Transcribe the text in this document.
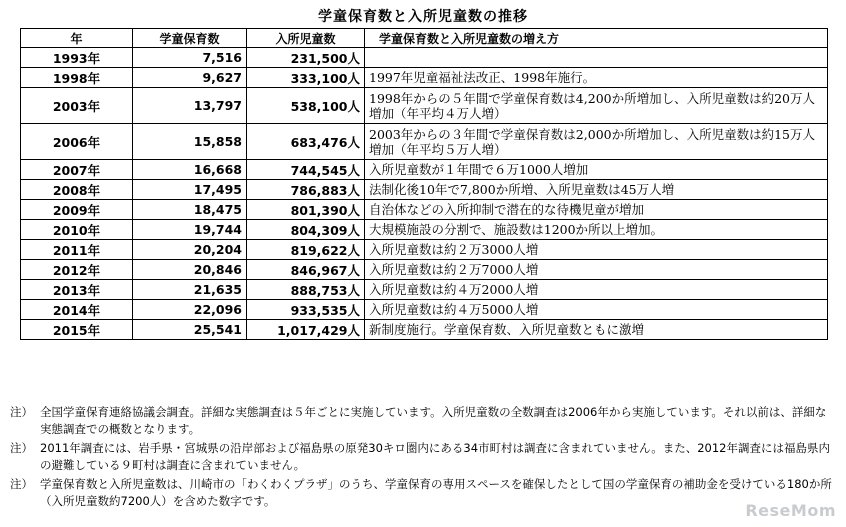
学童保育数と入所児童数の推移
年	学童保育数	入所児童数	学童保育数と入所児童数の増え方
1993年	7,516	231,500人	
1998年	9,627	333,100人	1997年児童福祉法改正、1998年施行。
2003年	13,797	538,100人	1998年からの５年間で学童保育数は4,200か所増加し、入所児童数は約20万人増加（年平均４万人増）
2006年	15,858	683,476人	2003年からの３年間で学童保育数は2,000か所増加し、入所児童数は約15万人増加（年平均５万人増）
2007年	16,668	744,545人	入所児童数が１年間で６万1000人増加
2008年	17,495	786,883人	法制化後10年で7,800か所増、入所児童数は45万人増
2009年	18,475	801,390人	自治体などの入所抑制で潜在的な待機児童が増加
2010年	19,744	804,309人	大規模施設の分割で、施設数は1200か所以上増加。
2011年	20,204	819,622人	入所児童数は約２万3000人増
2012年	20,846	846,967人	入所児童数は約２万7000人増
2013年	21,635	888,753人	入所児童数は約４万2000人増
2014年	22,096	933,535人	入所児童数は約４万5000人増
2015年	25,541	1,017,429人	新制度施行。学童保育数、入所児童数ともに激増
注） 全国学童保育連絡協議会調査。詳細な実態調査は５年ごとに実施しています。入所児童数の全数調査は2006年から実施しています。それ以前は、詳細な実態調査での概数となります。
注） 2011年調査には、岩手県・宮城県の沿岸部および福島県の原発30キロ圏内にある34市町村は調査に含まれていません。また、2012年調査には福島県内の避難している９町村は調査に含まれていません。
注） 学童保育数と入所児童数は、川崎市の「わくわくプラザ」のうち、学童保育の専用スペースを確保したとして国の学童保育の補助金を受けている180か所（入所児童数約7200人）を含めた数字です。	ReseMom
